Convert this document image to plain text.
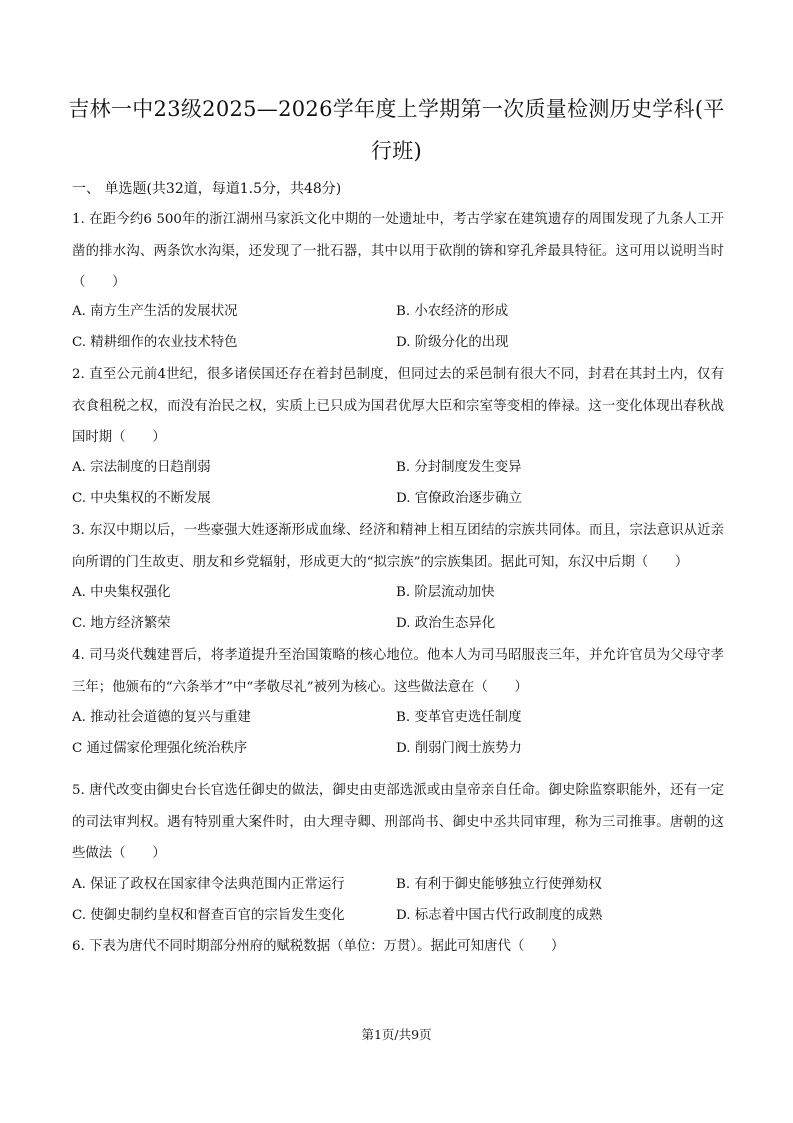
吉林一中23级2025—2026学年度上学期第一次质量检测历史学科(平行班)
一、 单选题(共32道，每道1.5分，共48分)
1. 在距今约6 500年的浙江湖州马家浜文化中期的一处遗址中，考古学家在建筑遗存的周围发现了九条人工开凿的排水沟、两条饮水沟渠，还发现了一批石器，其中以用于砍削的锛和穿孔斧最具特征。这可用以说明当时（　　）
A. 南方生产生活的发展状况	B. 小农经济的形成
C. 精耕细作的农业技术特色	D. 阶级分化的出现
2. 直至公元前4世纪，很多诸侯国还存在着封邑制度，但同过去的采邑制有很大不同，封君在其封土内，仅有衣食租税之权，而没有治民之权，实质上已只成为国君优厚大臣和宗室等变相的俸禄。这一变化体现出春秋战国时期（　　）
A. 宗法制度的日趋削弱	B. 分封制度发生变异
C. 中央集权的不断发展	D. 官僚政治逐步确立
3. 东汉中期以后，一些豪强大姓逐渐形成血缘、经济和精神上相互团结的宗族共同体。而且，宗法意识从近亲向所谓的门生故吏、朋友和乡党辐射，形成更大的“拟宗族”的宗族集团。据此可知，东汉中后期（　　）
A. 中央集权强化	B. 阶层流动加快
C. 地方经济繁荣	D. 政治生态异化
4. 司马炎代魏建晋后，将孝道提升至治国策略的核心地位。他本人为司马昭服丧三年，并允许官员为父母守孝三年；他颁布的“六条举才”中“孝敬尽礼”被列为核心。这些做法意在（　　）
A. 推动社会道德的复兴与重建	B. 变革官吏选任制度
C 通过儒家伦理强化统治秩序	D. 削弱门阀士族势力
5. 唐代改变由御史台长官选任御史的做法，御史由吏部选派或由皇帝亲自任命。御史除监察职能外，还有一定的司法审判权。遇有特别重大案件时，由大理寺卿、刑部尚书、御史中丞共同审理，称为三司推事。唐朝的这些做法（　　）
A. 保证了政权在国家律令法典范围内正常运行	B. 有利于御史能够独立行使弹劾权
C. 使御史制约皇权和督查百官的宗旨发生变化	D. 标志着中国古代行政制度的成熟
6. 下表为唐代不同时期部分州府的赋税数据（单位：万贯）。据此可知唐代（　　）
第1页/共9页
